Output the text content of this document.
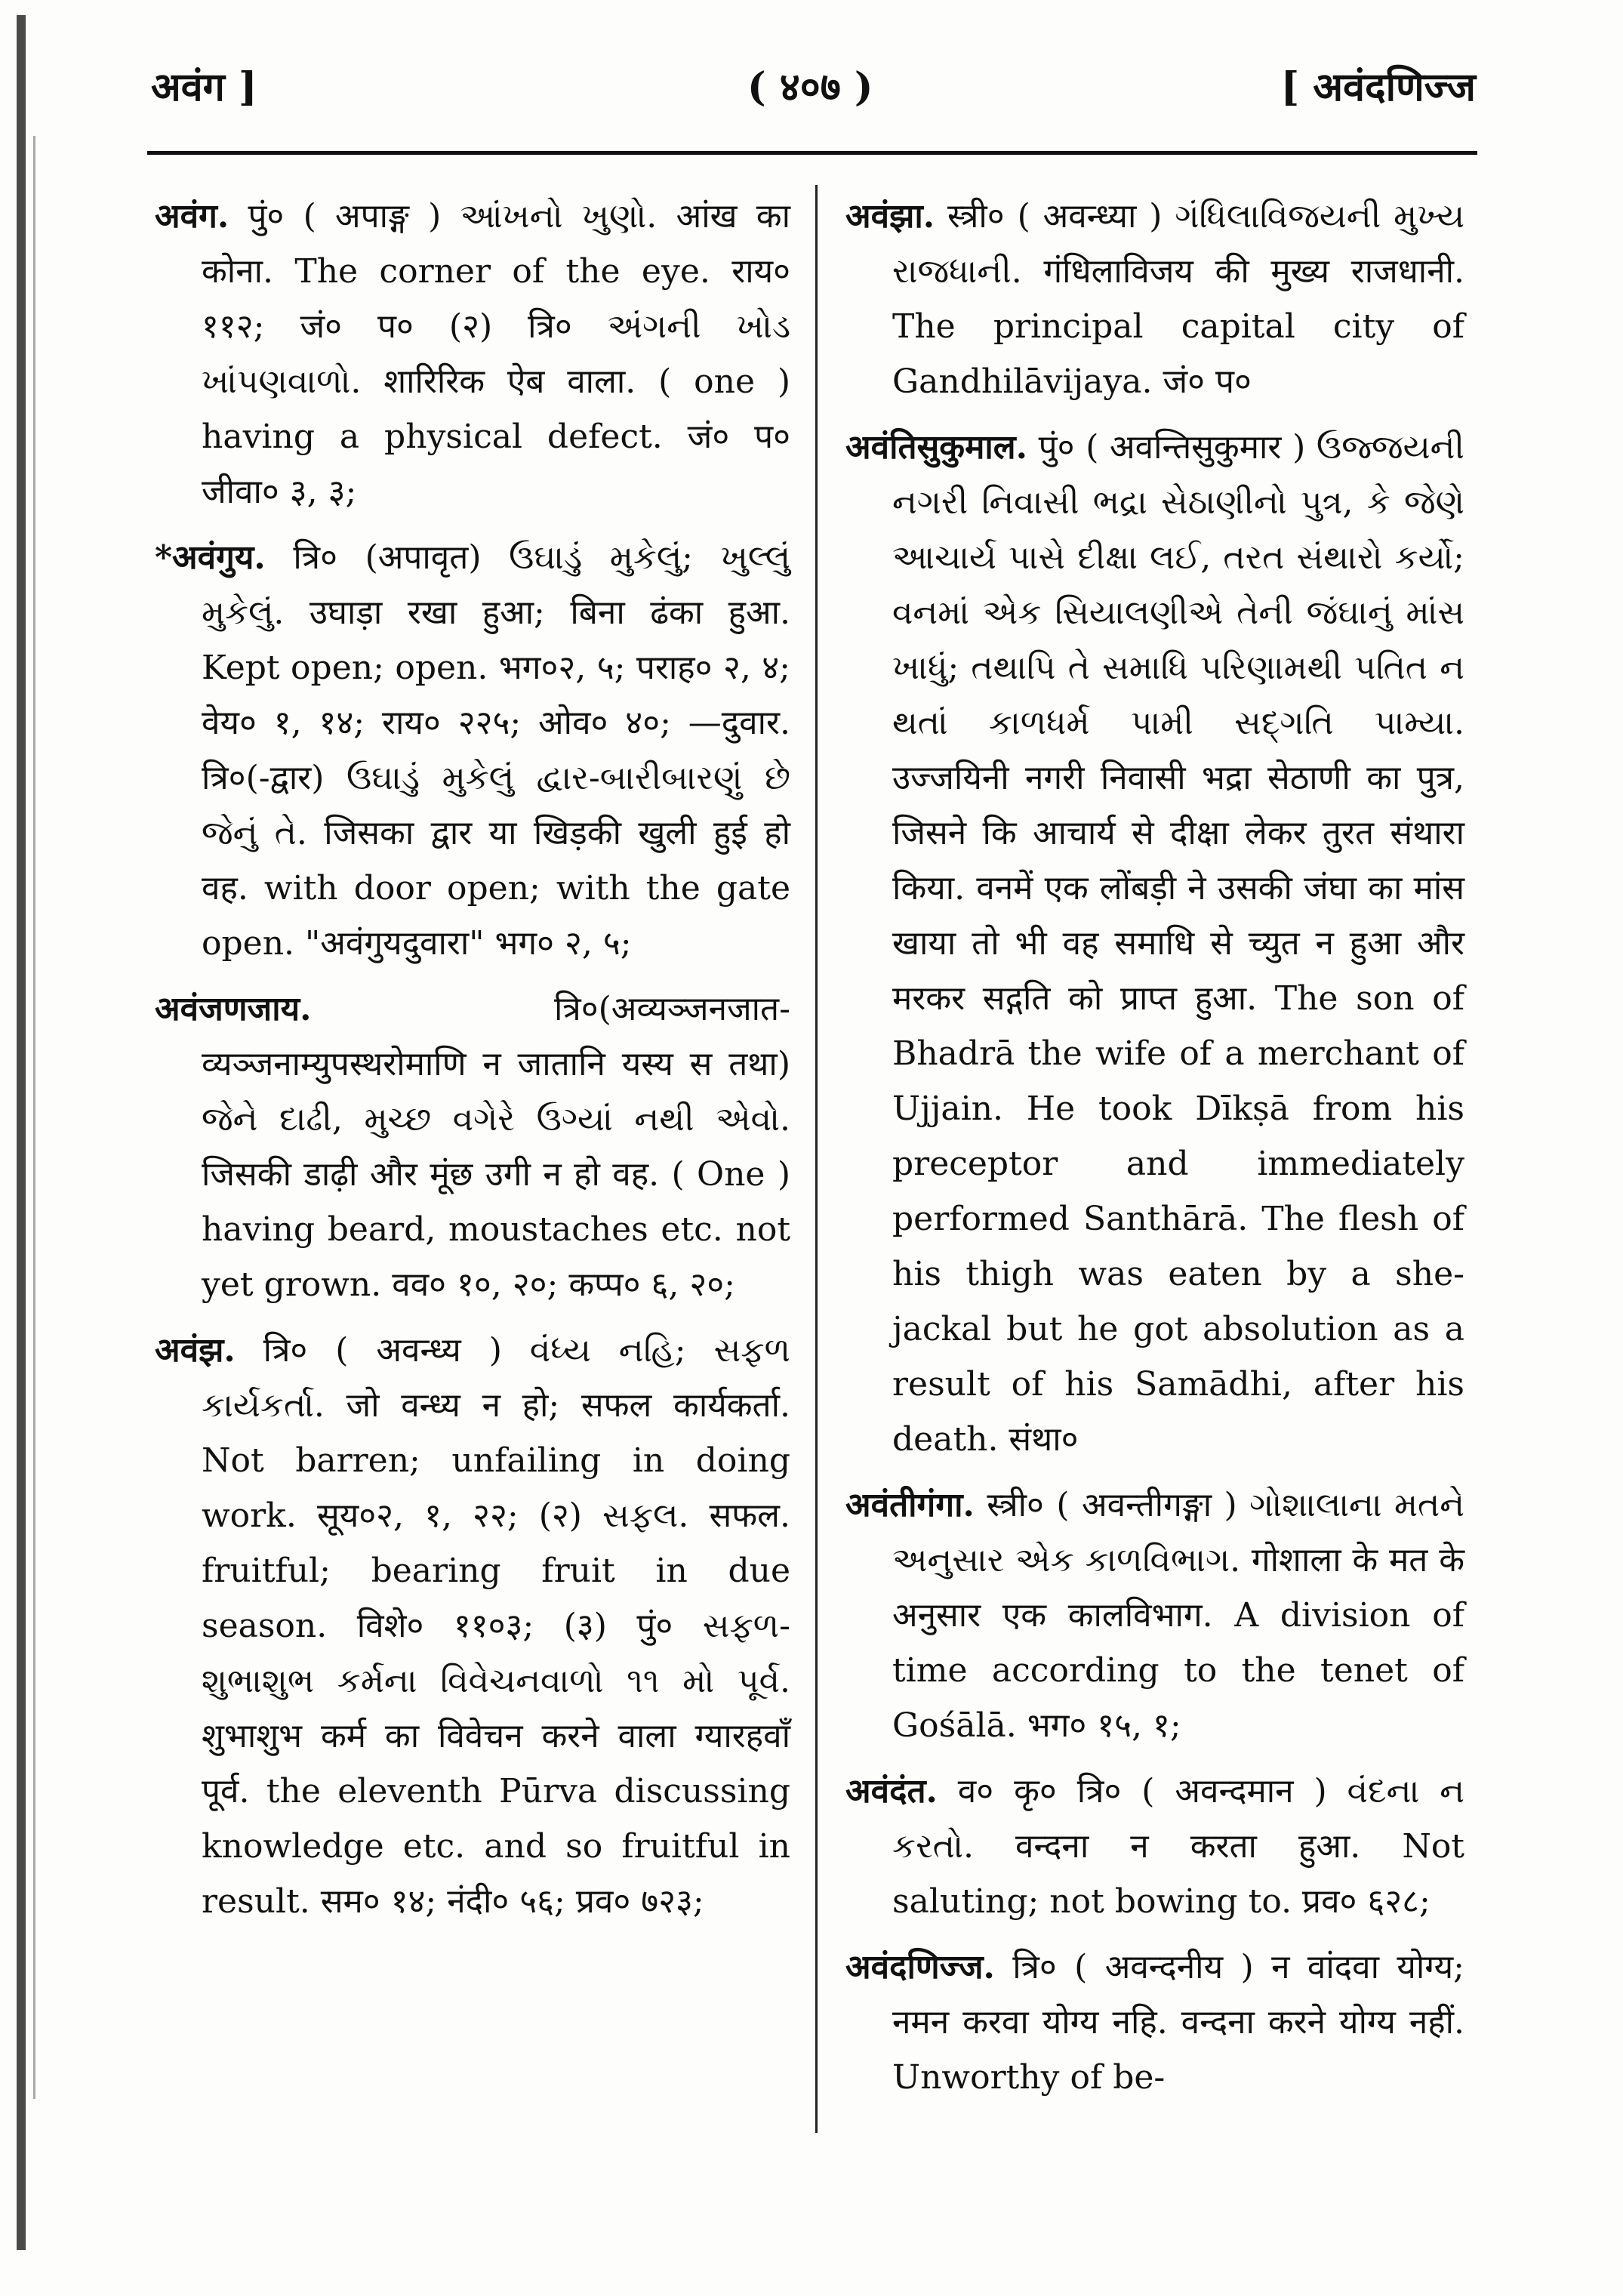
अवंग ]	( ४०७ )	[ अवंदणिज्ज

अवंग. पुं० ( अपाङ्ग ) આંખનો ખુણો. आंख का कोना. The corner of the eye. राय० ११२; जं० प० (२) त्रि० અંગની ખોડ ખાંપણવાળો. शारिरिक ऐब वाला. ( one ) having a physical defect. जं० प० जीवा० ३, ३;

*अवंगुय. त्रि० (अपावृत) ઉઘાડું મુકેલું; ખુલ્લું મુકેલું. उघाड़ा रखा हुआ; बिना ढंका हुआ. Kept open; open. भग०२, ५; पराह० २, ४; वेय० १, १४; राय० २२५; ओव० ४०; —दुवार. त्रि०(-द्वार) ઉઘાડું મુકેલું દ્વાર-બારીબારણું છે જેનું તે. जिसका द्वार या खिड़की खुली हुई हो वह. with door open; with the gate open. "अवंगुयदुवारा" भग० २, ५;

अवंजणजाय. त्रि०(अव्यञ्जनजात-व्यञ्जनाम्युपस्थरोमाणि न जातानि यस्य स तथा) જેને દાઢી, મુચ્છ વગેરે ઉગ્યાં નથી એવો. जिसकी डाढ़ी और मूंछ उगी न हो वह. ( One ) having beard, moustaches etc. not yet grown. वव० १०, २०; कप्प० ६, २०;

अवंझ. त्रि० ( अवन्ध्य ) વંધ્ય નહિ; સફળ કાર્યકર્તા. जो वन्ध्य न हो; सफल कार्यकर्ता. Not barren; unfailing in doing work. सूय०२, १, २२; (२) સફલ. सफल. fruitful; bearing fruit in due season. विशे० ११०३; (३) पुं० સફળ-શુભાશુભ કર્મના વિવેચનવાળો ૧૧ મો પૂર્વ. शुभाशुभ कर्म का विवेचन करने वाला ग्यारहवाँ पूर्व. the eleventh Pūrva discussing knowledge etc. and so fruitful in result. सम० १४; नंदी० ५६; प्रव० ७२३;

अवंझा. स्त्री० ( अवन्ध्या ) ગંધિલાવિજયની મુખ્ય રાજધાની. गंधिलाविजय की मुख्य राजधानी. The principal capital city of Gandhilāvijaya. जं० प०

अवंतिसुकुमाल. पुं० ( अवन्तिसुकुमार ) ઉજ્જયની નગરી નિવાસી ભદ્રા સેઠાણીનો પુત્ર, કે જેણે આચાર્ય પાસે દીક્ષા લઈ, તરત સંથારો કર્યો; વનમાં એક સિયાલણીએ તેની જંઘાનું માંસ ખાધું; તથાપિ તે સમાધિ પરિણામથી પતિત ન થતાં કાળધર્મ પામી સદ્ગતિ પામ્યા. उज्जयिनी नगरी निवासी भद्रा सेठाणी का पुत्र, जिसने कि आचार्य से दीक्षा लेकर तुरत संथारा किया. वनमें एक लोंबड़ी ने उसकी जंघा का मांस खाया तो भी वह समाधि से च्युत न हुआ और मरकर सद्गति को प्राप्त हुआ. The son of Bhadrā the wife of a merchant of Ujjain. He took Dīkṣā from his preceptor and immediately performed Santhārā. The flesh of his thigh was eaten by a she-jackal but he got absolution as a result of his Samādhi, after his death. संथा०

अवंतीगंगा. स्त्री० ( अवन्तीगङ्गा ) ગોશાલાના મતને અનુસાર એક કાળવિભાગ. गोशाला के मत के अनुसार एक कालविभाग. A division of time according to the tenet of Gośālā. भग० १५, १;

अवंदंत. व० कृ० त्रि० ( अवन्दमान ) વંદના ન કરતો. वन्दना न करता हुआ. Not saluting; not bowing to. प्रव० ६२८;

अवंदणिज्ज. त्रि० ( अवन्दनीय ) न वांदवा योग्य; नमन करवा योग्य नहि. वन्दना करने योग्य नहीं. Unworthy of be-
